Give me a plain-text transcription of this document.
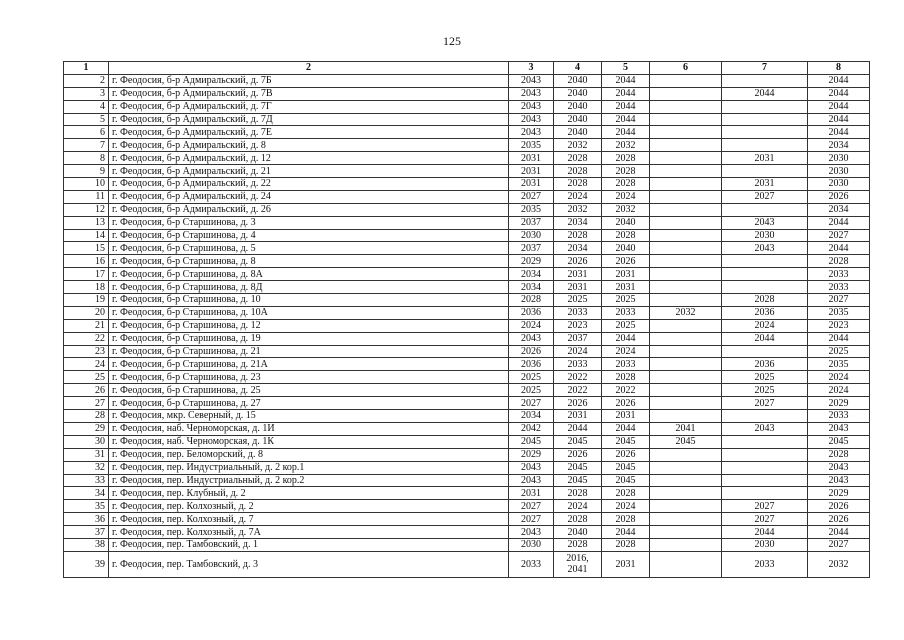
125
1	2	3	4	5	6	7	8
2	г. Феодосия, б-р Адмиральский, д. 7Б	2043	2040	2044			2044
3	г. Феодосия, б-р Адмиральский, д. 7В	2043	2040	2044		2044	2044
4	г. Феодосия, б-р Адмиральский, д. 7Г	2043	2040	2044			2044
5	г. Феодосия, б-р Адмиральский, д. 7Д	2043	2040	2044			2044
6	г. Феодосия, б-р Адмиральский, д. 7Е	2043	2040	2044			2044
7	г. Феодосия, б-р Адмиральский, д. 8	2035	2032	2032			2034
8	г. Феодосия, б-р Адмиральский, д. 12	2031	2028	2028		2031	2030
9	г. Феодосия, б-р Адмиральский, д. 21	2031	2028	2028			2030
10	г. Феодосия, б-р Адмиральский, д. 22	2031	2028	2028		2031	2030
11	г. Феодосия, б-р Адмиральский, д. 24	2027	2024	2024		2027	2026
12	г. Феодосия, б-р Адмиральский, д. 26	2035	2032	2032			2034
13	г. Феодосия, б-р Старшинова, д. 3	2037	2034	2040		2043	2044
14	г. Феодосия, б-р Старшинова, д. 4	2030	2028	2028		2030	2027
15	г. Феодосия, б-р Старшинова, д. 5	2037	2034	2040		2043	2044
16	г. Феодосия, б-р Старшинова, д. 8	2029	2026	2026			2028
17	г. Феодосия, б-р Старшинова, д. 8А	2034	2031	2031			2033
18	г. Феодосия, б-р Старшинова, д. 8Д	2034	2031	2031			2033
19	г. Феодосия, б-р Старшинова, д. 10	2028	2025	2025		2028	2027
20	г. Феодосия, б-р Старшинова, д. 10А	2036	2033	2033	2032	2036	2035
21	г. Феодосия, б-р Старшинова, д. 12	2024	2023	2025		2024	2023
22	г. Феодосия, б-р Старшинова, д. 19	2043	2037	2044		2044	2044
23	г. Феодосия, б-р Старшинова, д. 21	2026	2024	2024			2025
24	г. Феодосия, б-р Старшинова, д. 21А	2036	2033	2033		2036	2035
25	г. Феодосия, б-р Старшинова, д. 23	2025	2022	2028		2025	2024
26	г. Феодосия, б-р Старшинова, д. 25	2025	2022	2022		2025	2024
27	г. Феодосия, б-р Старшинова, д. 27	2027	2026	2026		2027	2029
28	г. Феодосия, мкр. Северный, д. 15	2034	2031	2031			2033
29	г. Феодосия, наб. Черноморская, д. 1И	2042	2044	2044	2041	2043	2043
30	г. Феодосия, наб. Черноморская, д. 1К	2045	2045	2045	2045		2045
31	г. Феодосия, пер. Беломорский, д. 8	2029	2026	2026			2028
32	г. Феодосия, пер. Индустриальный, д. 2 кор.1	2043	2045	2045			2043
33	г. Феодосия, пер. Индустриальный, д. 2 кор.2	2043	2045	2045			2043
34	г. Феодосия, пер. Клубный, д. 2	2031	2028	2028			2029
35	г. Феодосия, пер. Колхозный, д. 2	2027	2024	2024		2027	2026
36	г. Феодосия, пер. Колхозный, д. 7	2027	2028	2028		2027	2026
37	г. Феодосия, пер. Колхозный, д. 7А	2043	2040	2044		2044	2044
38	г. Феодосия, пер. Тамбовский, д. 1	2030	2028	2028		2030	2027
39	г. Феодосия, пер. Тамбовский, д. 3	2033	2016, 2041	2031		2033	2032
